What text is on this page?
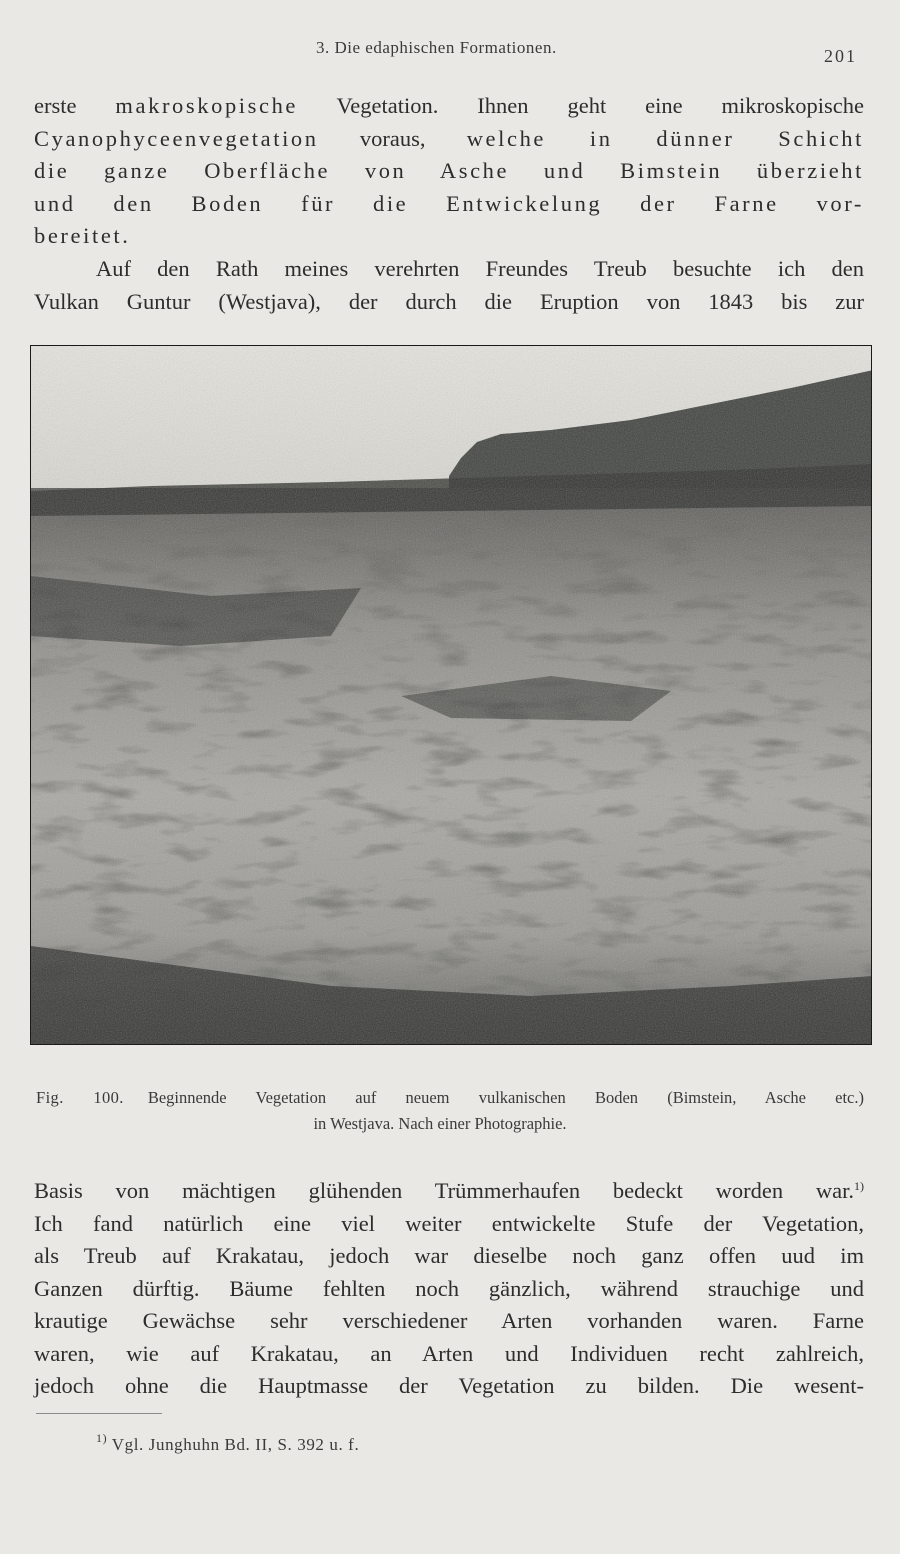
3. Die edaphischen Formationen.	201
erste makroskopische Vegetation. Ihnen geht eine mikroskopische
Cyanophyceenvegetation voraus, welche in dünner Schicht
die ganze Oberfläche von Asche und Bimstein überzieht
und den Boden für die Entwickelung der Farne vor-
bereitet.
Auf den Rath meines verehrten Freundes Treub besuchte ich den
Vulkan Guntur (Westjava), der durch die Eruption von 1843 bis zur
Fig. 100. Beginnende Vegetation auf neuem vulkanischen Boden (Bimstein, Asche etc.)
in Westjava. Nach einer Photographie.
Basis von mächtigen glühenden Trümmerhaufen bedeckt worden war.$^{1)}$
Ich fand natürlich eine viel weiter entwickelte Stufe der Vegetation,
als Treub auf Krakatau, jedoch war dieselbe noch ganz offen uud im
Ganzen dürftig. Bäume fehlten noch gänzlich, während strauchige und
krautige Gewächse sehr verschiedener Arten vorhanden waren. Farne
waren, wie auf Krakatau, an Arten und Individuen recht zahlreich,
jedoch ohne die Hauptmasse der Vegetation zu bilden. Die wesent-
$^{1)}$ Vgl. Junghuhn Bd. II, S. 392 u. f.
